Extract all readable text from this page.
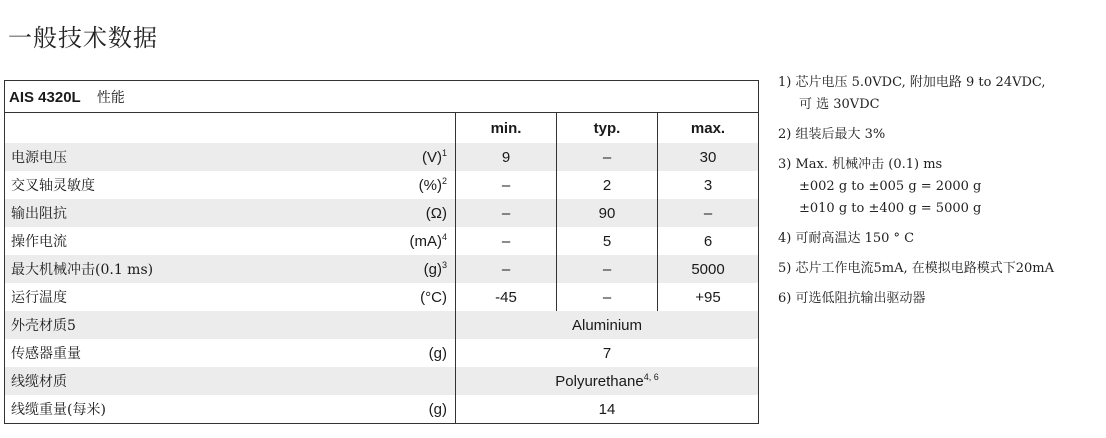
一般技术数据
AIS 4320L 性能				
		min.	typ.	max.
电源电压	$(V)^1$	9	–	30
交叉轴灵敏度	(%)$^2$	–	2	3
输出阻抗	(Ω)	–	90	–
操作电流	(mA)$^4$	–	5	6
最大机械冲击(0.1 ms)	$(g)^3$	–	–	5000
运行温度	(°C)	-45	–	+95
外壳材质5		Aluminium		
传感器重量	(g)	7		
线缆材质		Polyurethane$^{4, 6}$
线缆重量(每米)	(g)	14		
1) 芯片电压 5.0VDC, 附加电路 9 to 24VDC,
可 选 30VDC
2) 组装后最大 3%
3) Max. 机械冲击 (0.1) ms
±002 g to ±005 g = 2000 g
±010 g to ±400 g = 5000 g
4) 可耐高温达 150 ° C
5) 芯片工作电流5mA, 在模拟电路模式下20mA
6) 可选低阻抗输出驱动器
